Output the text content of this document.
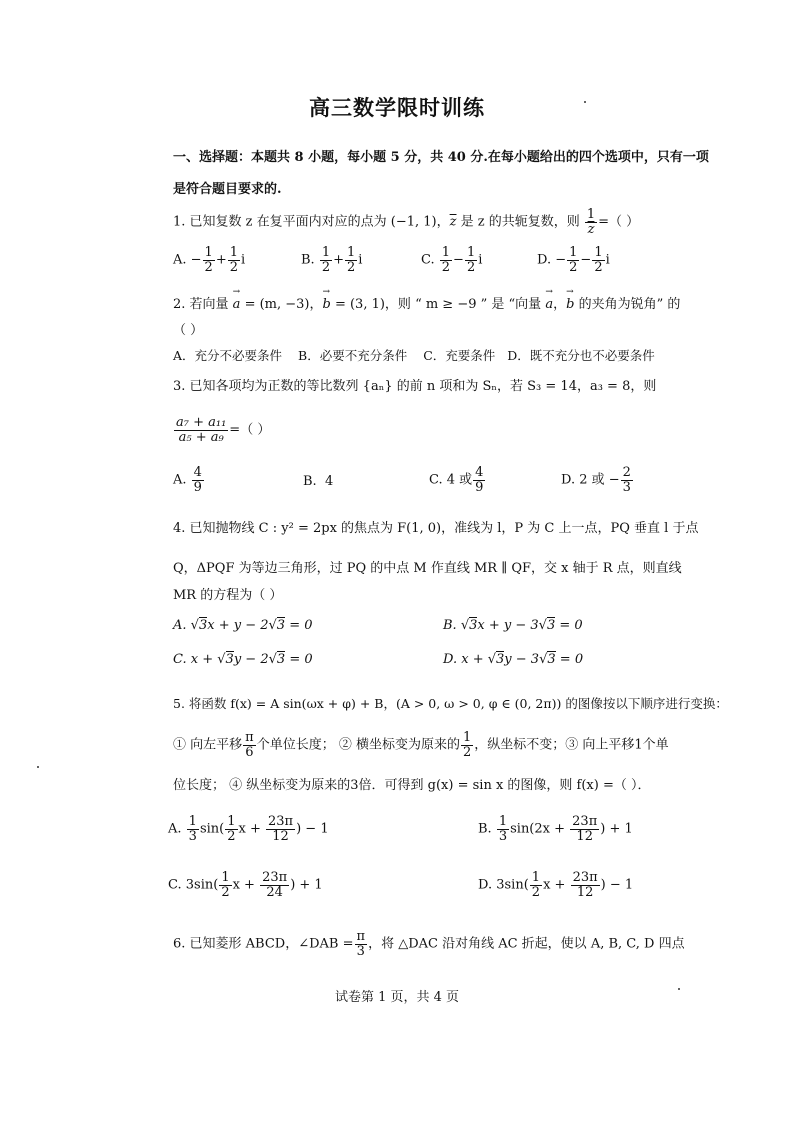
高三数学限时训练
一、选择题：本题共 8 小题，每小题 5 分，共 40 分.在每小题给出的四个选项中，只有一项
是符合题目要求的.
1. 已知复数 z 在复平面内对应的点为 (−1, 1)，$\overline{z}$ 是 z 的共轭复数，则 $\frac{1}{z}$ =（ ）
A. − $\frac{1}{2} + \frac{1}{2}$ i	B. $\frac{1}{2} + \frac{1}{2}$ i	C. $\frac{1}{2} - \frac{1}{2}$ i	D. − $\frac{1}{2} - \frac{1}{2}$ i
2. 若向量 → a = (m, −3)，→ b = (3, 1)，则 “ m ≥ −9 ” 是 “向量 → a，→ b 的夹角为锐角” 的
（ ）
A．充分不必要条件 B．必要不充分条件 C．充要条件 D．既不充分也不必要条件
3. 已知各项均为正数的等比数列 {aₙ} 的前 n 项和为 Sₙ，若 S₃ = 14，a₃ = 8，则
$\frac{\text{a₇ + a₁₁}}{\text{a₅ + a₉}}$ =（ ）
A. $\frac{4}{9}$	B. 4	C. 4 或 $\frac{4}{9}$	D. 2 或 − $\frac{2}{3}$
4. 已知抛物线 C : y² = 2px 的焦点为 F(1, 0)，准线为 l，P 为 C 上一点，PQ 垂直 l 于点
Q，ΔPQF 为等边三角形，过 PQ 的中点 M 作直线 MR ∥ QF，交 x 轴于 R 点，则直线
MR 的方程为（ ）
A. √3x + y − 2√3 = 0	B. √3x + y − 3√3 = 0
C. x + √3y − 2√3 = 0	D. x + √3y − 3√3 = 0
5. 将函数 f(x) = A sin(ωx + φ) + B，(A > 0, ω > 0, φ ∈ (0, 2π)) 的图像按以下顺序进行变换：
① 向左平移 $\frac{\pi}{6}$ 个单位长度； ② 横坐标变为原来的 $\frac{1}{2}$ ，纵坐标不变；③ 向上平移1个单
位长度； ④ 纵坐标变为原来的3倍．可得到 g(x) = sin x 的图像，则 f(x) =（ ）．
A. $\frac{1}{3} \sin( \frac{1}{2}$ $x + \frac{23\pi}{12}$ ) − 1	B. $\frac{1}{3} \sin(2x + \frac{23\pi}{12}$ ) + 1
C. $3\sin( \frac{1}{2}$ $x + \frac{23\pi}{24}$ ) + 1	D. $3\sin( \frac{1}{2}$ $x + \frac{23\pi}{12}$ ) − 1
6. 已知菱形 ABCD，∠DAB = $\frac{\pi}{3}$ ，将 △DAC 沿对角线 AC 折起，使以 A, B, C, D 四点
试卷第 1 页，共 4 页
